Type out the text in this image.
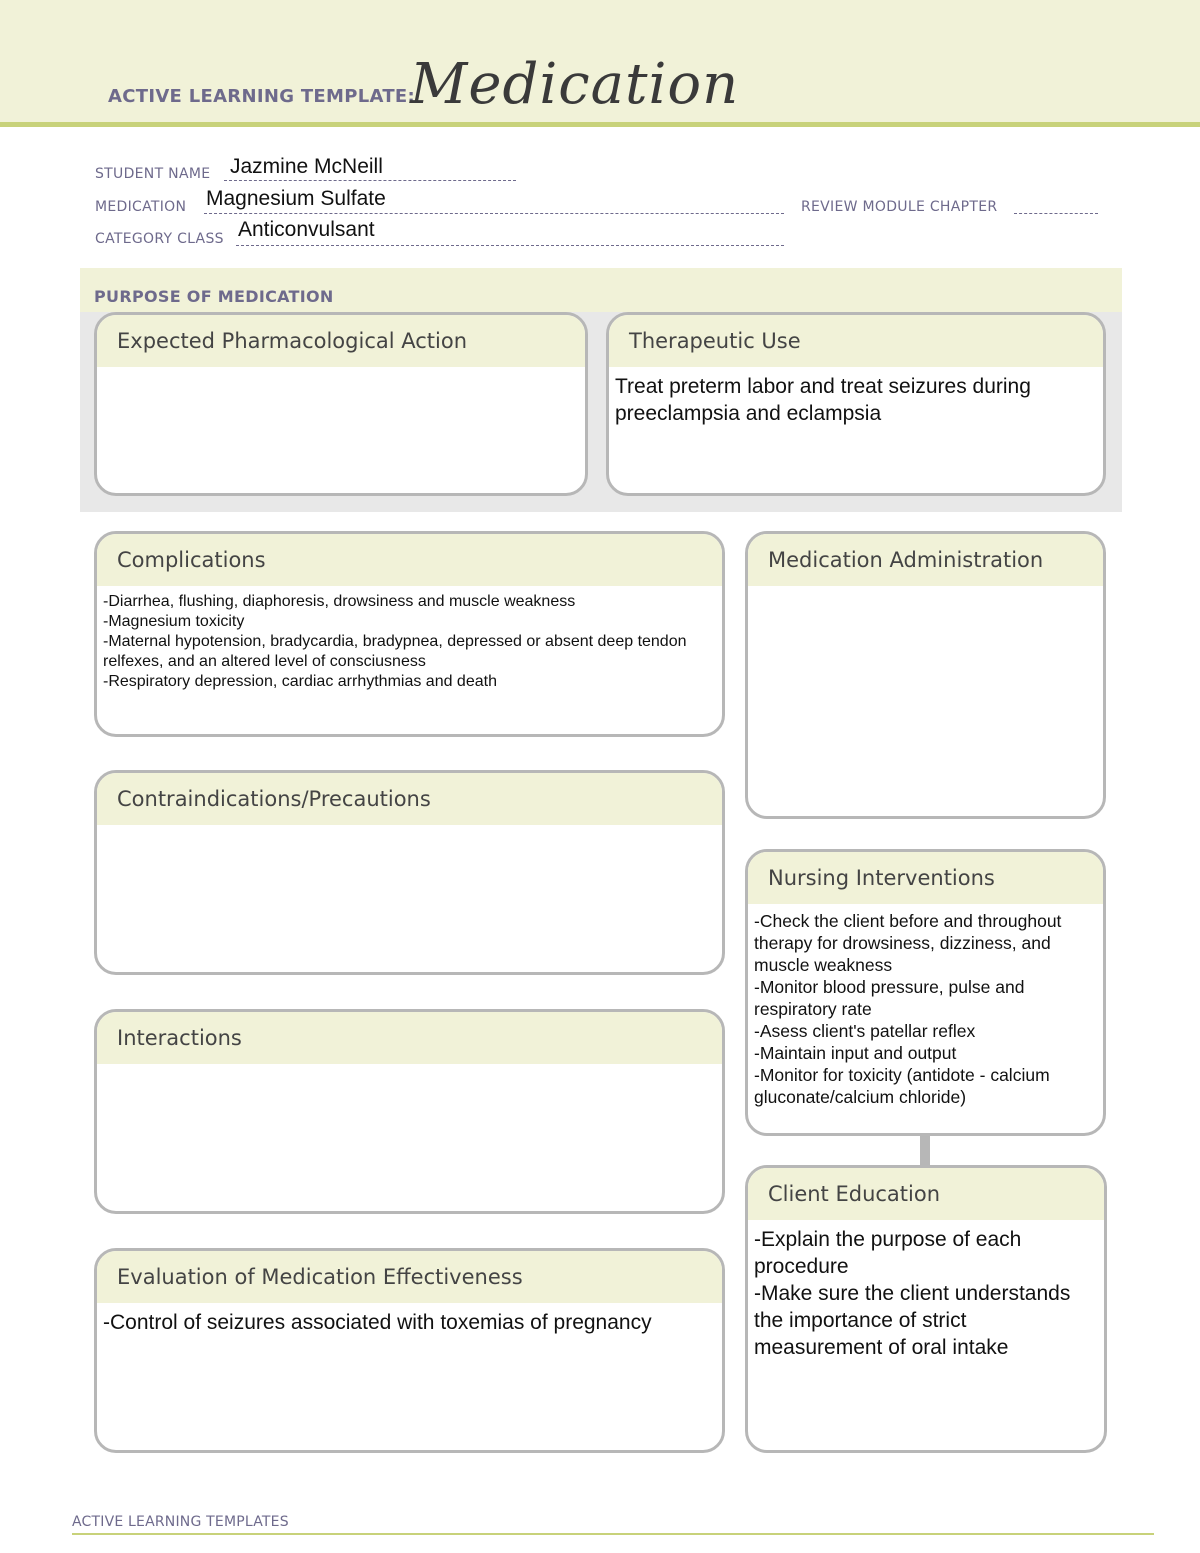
ACTIVE LEARNING TEMPLATE:
Medication
STUDENT NAME Jazmine McNeill
MEDICATION Magnesium Sulfate	REVIEW MODULE CHAPTER
CATEGORY CLASS Anticonvulsant
PURPOSE OF MEDICATION
Expected Pharmacological Action	Therapeutic Use
Treat preterm labor and treat seizures during preeclampsia and eclampsia
Complications
-Diarrhea, flushing, diaphoresis, drowsiness and muscle weakness
-Magnesium toxicity
-Maternal hypotension, bradycardia, bradypnea, depressed or absent deep tendon relfexes, and an altered level of consciusness
-Respiratory depression, cardiac arrhythmias and death
Contraindications/Precautions
Interactions
Evaluation of Medication Effectiveness
-Control of seizures associated with toxemias of pregnancy
Medication Administration
Nursing Interventions
-Check the client before and throughout therapy for drowsiness, dizziness, and muscle weakness
-Monitor blood pressure, pulse and respiratory rate
-Asess client's patellar reflex
-Maintain input and output
-Monitor for toxicity (antidote - calcium gluconate/calcium chloride)
Client Education
-Explain the purpose of each procedure
-Make sure the client understands the importance of strict measurement of oral intake
ACTIVE LEARNING TEMPLATES
